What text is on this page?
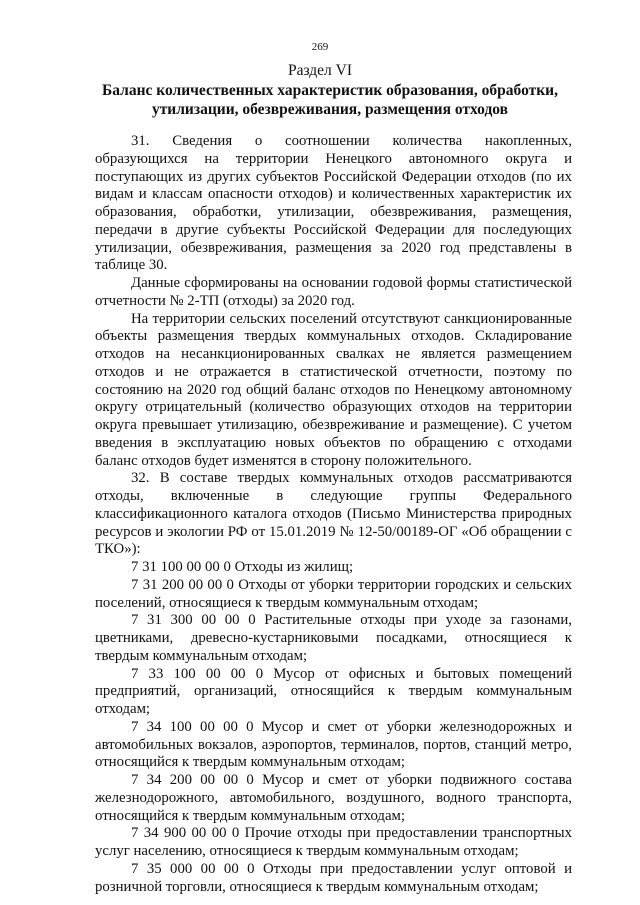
269
Раздел VI
Баланс количественных характеристик образования, обработки, утилизации, обезвреживания, размещения отходов

31. Сведения о соотношении количества накопленных, образующихся на территории Ненецкого автономного округа и поступающих из других субъектов Российской Федерации отходов (по их видам и классам опасности отходов) и количественных характеристик их образования, обработки, утилизации, обезвреживания, размещения, передачи в другие субъекты Российской Федерации для последующих утилизации, обезвреживания, размещения за 2020 год представлены в таблице 30.

Данные сформированы на основании годовой формы статистической отчетности № 2-ТП (отходы) за 2020 год.

На территории сельских поселений отсутствуют санкционированные объекты размещения твердых коммунальных отходов. Складирование отходов на несанкционированных свалках не является размещением отходов и не отражается в статистической отчетности, поэтому по состоянию на 2020 год общий баланс отходов по Ненецкому автономному округу отрицательный (количество образующих отходов на территории округа превышает утилизацию, обезвреживание и размещение). С учетом введения в эксплуатацию новых объектов по обращению с отходами баланс отходов будет изменятся в сторону положительного.

32. В составе твердых коммунальных отходов рассматриваются отходы, включенные в следующие группы Федерального классификационного каталога отходов (Письмо Министерства природных ресурсов и экологии РФ от 15.01.2019 № 12-50/00189-ОГ «Об обращении с ТКО»):

7 31 100 00 00 0 Отходы из жилищ;

7 31 200 00 00 0 Отходы от уборки территории городских и сельских поселений, относящиеся к твердым коммунальным отходам;

7 31 300 00 00 0 Растительные отходы при уходе за газонами, цветниками, древесно-кустарниковыми посадками, относящиеся к твердым коммунальным отходам;

7 33 100 00 00 0 Мусор от офисных и бытовых помещений предприятий, организаций, относящийся к твердым коммунальным отходам;

7 34 100 00 00 0 Мусор и смет от уборки железнодорожных и автомобильных вокзалов, аэропортов, терминалов, портов, станций метро, относящийся к твердым коммунальным отходам;

7 34 200 00 00 0 Мусор и смет от уборки подвижного состава железнодорожного, автомобильного, воздушного, водного транспорта, относящийся к твердым коммунальным отходам;

7 34 900 00 00 0 Прочие отходы при предоставлении транспортных услуг населению, относящиеся к твердым коммунальным отходам;

7 35 000 00 00 0 Отходы при предоставлении услуг оптовой и розничной торговли, относящиеся к твердым коммунальным отходам;
